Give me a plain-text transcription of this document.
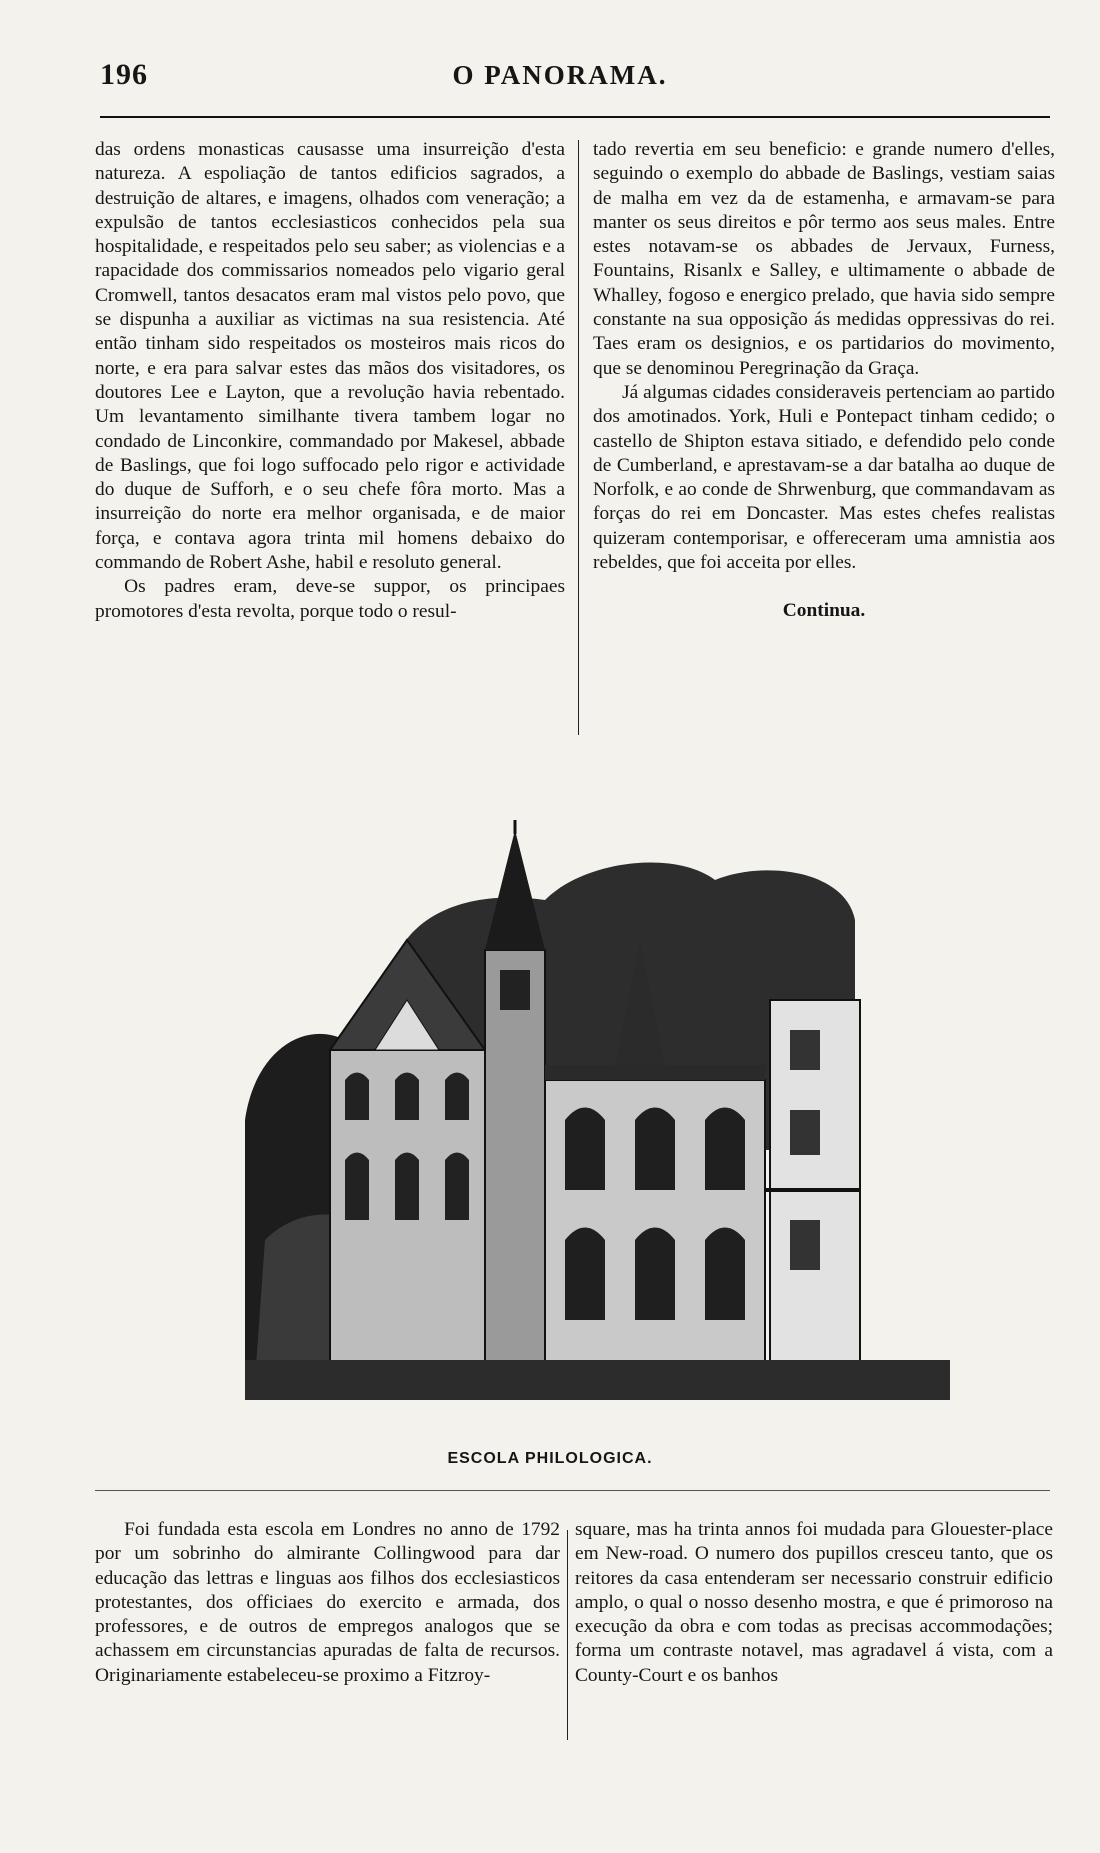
196	O PANORAMA.

das ordens monasticas causasse uma insurreição d'esta natureza. A espoliação de tantos edificios sagrados, a destruição de altares, e imagens, olhados com veneração; a expulsão de tantos ecclesiasticos conhecidos pela sua hospitalidade, e respeitados pelo seu saber; as violencias e a rapacidade dos commissarios nomeados pelo vigario geral Cromwell, tantos desacatos eram mal vistos pelo povo, que se dispunha a auxiliar as victimas na sua resistencia. Até então tinham sido respeitados os mosteiros mais ricos do norte, e era para salvar estes das mãos dos visitadores, os doutores Lee e Layton, que a revolução havia rebentado. Um levantamento similhante tivera tambem logar no condado de Linconkire, commandado por Makesel, abbade de Baslings, que foi logo suffocado pelo rigor e actividade do duque de Sufforh, e o seu chefe fôra morto. Mas a insurreição do norte era melhor organisada, e de maior força, e contava agora trinta mil homens debaixo do commando de Robert Ashe, habil e resoluto general.

Os padres eram, deve-se suppor, os principaes promotores d'esta revolta, porque todo o resul-

tado revertia em seu beneficio: e grande numero d'elles, seguindo o exemplo do abbade de Baslings, vestiam saias de malha em vez da de estamenha, e armavam-se para manter os seus direitos e pôr termo aos seus males. Entre estes notavam-se os abbades de Jervaux, Furness, Fountains, Risanlx e Salley, e ultimamente o abbade de Whalley, fogoso e energico prelado, que havia sido sempre constante na sua opposição ás medidas oppressivas do rei. Taes eram os designios, e os partidarios do movimento, que se denominou Peregrinação da Graça.

Já algumas cidades consideraveis pertenciam ao partido dos amotinados. York, Huli e Pontepact tinham cedido; o castello de Shipton estava sitiado, e defendido pelo conde de Cumberland, e aprestavam-se a dar batalha ao duque de Norfolk, e ao conde de Shrwenburg, que commandavam as forças do rei em Doncaster. Mas estes chefes realistas quizeram contemporisar, e offereceram uma amnistia aos rebeldes, que foi acceita por elles.

Continua.

ESCOLA PHILOLOGICA.

Foi fundada esta escola em Londres no anno de 1792 por um sobrinho do almirante Collingwood para dar educação das lettras e linguas aos filhos dos ecclesiasticos protestantes, dos officiaes do exercito e armada, dos professores, e de outros de empregos analogos que se achassem em circunstancias apuradas de falta de recursos. Originariamente estabeleceu-se proximo a Fitzroy-

square, mas ha trinta annos foi mudada para Glouester-place em New-road. O numero dos pupillos cresceu tanto, que os reitores da casa entenderam ser necessario construir edificio amplo, o qual o nosso desenho mostra, e que é primoroso na execução da obra e com todas as precisas accommodações; forma um contraste notavel, mas agradavel á vista, com a County-Court e os banhos
